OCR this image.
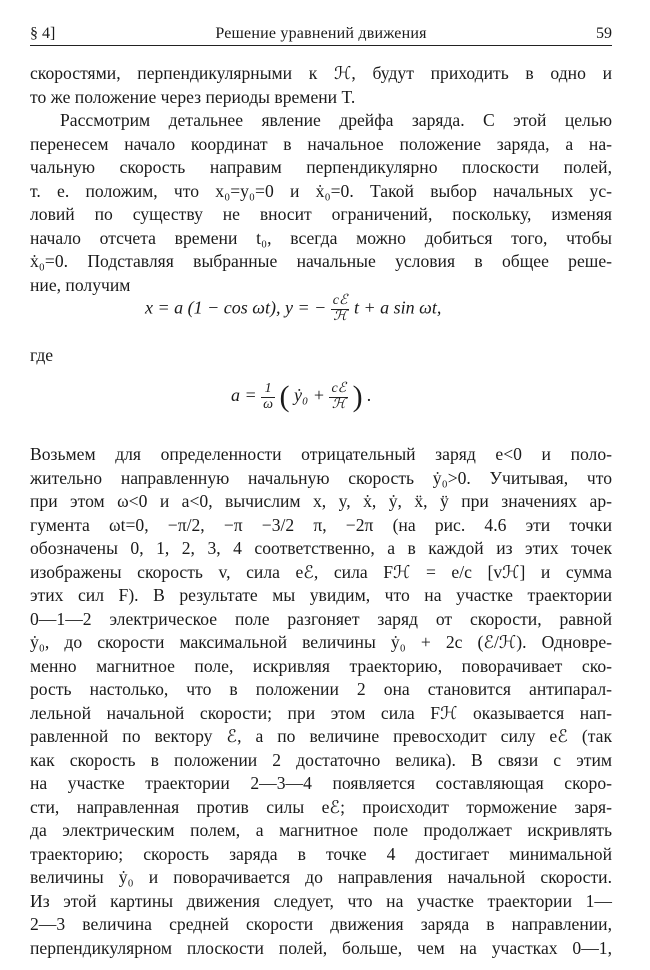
§ 4]	Решение уравнений движения	59
скоростями, перпендикулярными к ℋ, будут приходить в одно и
то же положение через периоды времени T.
Рассмотрим детальнее явление дрейфа заряда. С этой целью
перенесем начало координат в начальное положение заряда, а на-
чальную скорость направим перпендикулярно плоскости полей,
т. е. положим, что x₀=y₀=0 и ẋ₀=0. Такой выбор начальных ус-
ловий по существу не вносит ограничений, поскольку, изменяя
начало отсчета времени t₀, всегда можно добиться того, чтобы
ẋ₀=0. Подставляя выбранные начальные условия в общее реше-
ние, получим
x = a (1 − cos ωt), y = − $\frac{\text{cℰ}}{\text{ℋ}}$ t + a sin ωt,
где
$a = \frac{1}{\omega}$ ( ẏ₀ + $\frac{\text{cℰ}}{\text{ℋ}}$ ) .
Возьмем для определенности отрицательный заряд e<0 и поло-
жительно направленную начальную скорость ẏ₀>0. Учитывая, что
при этом ω<0 и a<0, вычислим x, y, ẋ, ẏ, ẍ, ÿ при значениях ар-
гумента ωt=0, −π/2, −π −3/2 π, −2π (на рис. 4.6 эти точки
обозначены 0, 1, 2, 3, 4 соответственно, а в каждой из этих точек
изображены скорость v, сила eℰ, сила Fℋ = e/c [vℋ] и сумма
этих сил F). В результате мы увидим, что на участке траектории
0—1—2 электрическое поле разгоняет заряд от скорости, равной
ẏ₀, до скорости максимальной величины ẏ₀ + 2c (ℰ/ℋ). Одновре-
менно магнитное поле, искривляя траекторию, поворачивает ско-
рость настолько, что в положении 2 она становится антипарал-
лельной начальной скорости; при этом сила Fℋ оказывается нап-
равленной по вектору ℰ, а по величине превосходит силу eℰ (так
как скорость в положении 2 достаточно велика). В связи с этим
на участке траектории 2—3—4 появляется составляющая скоро-
сти, направленная против силы eℰ; происходит торможение заря-
да электрическим полем, а магнитное поле продолжает искривлять
траекторию; скорость заряда в точке 4 достигает минимальной
величины ẏ₀ и поворачивается до направления начальной скорости.
Из этой картины движения следует, что на участке траектории 1—
2—3 величина средней скорости движения заряда в направлении,
перпендикулярном плоскости полей, больше, чем на участках 0—1,
